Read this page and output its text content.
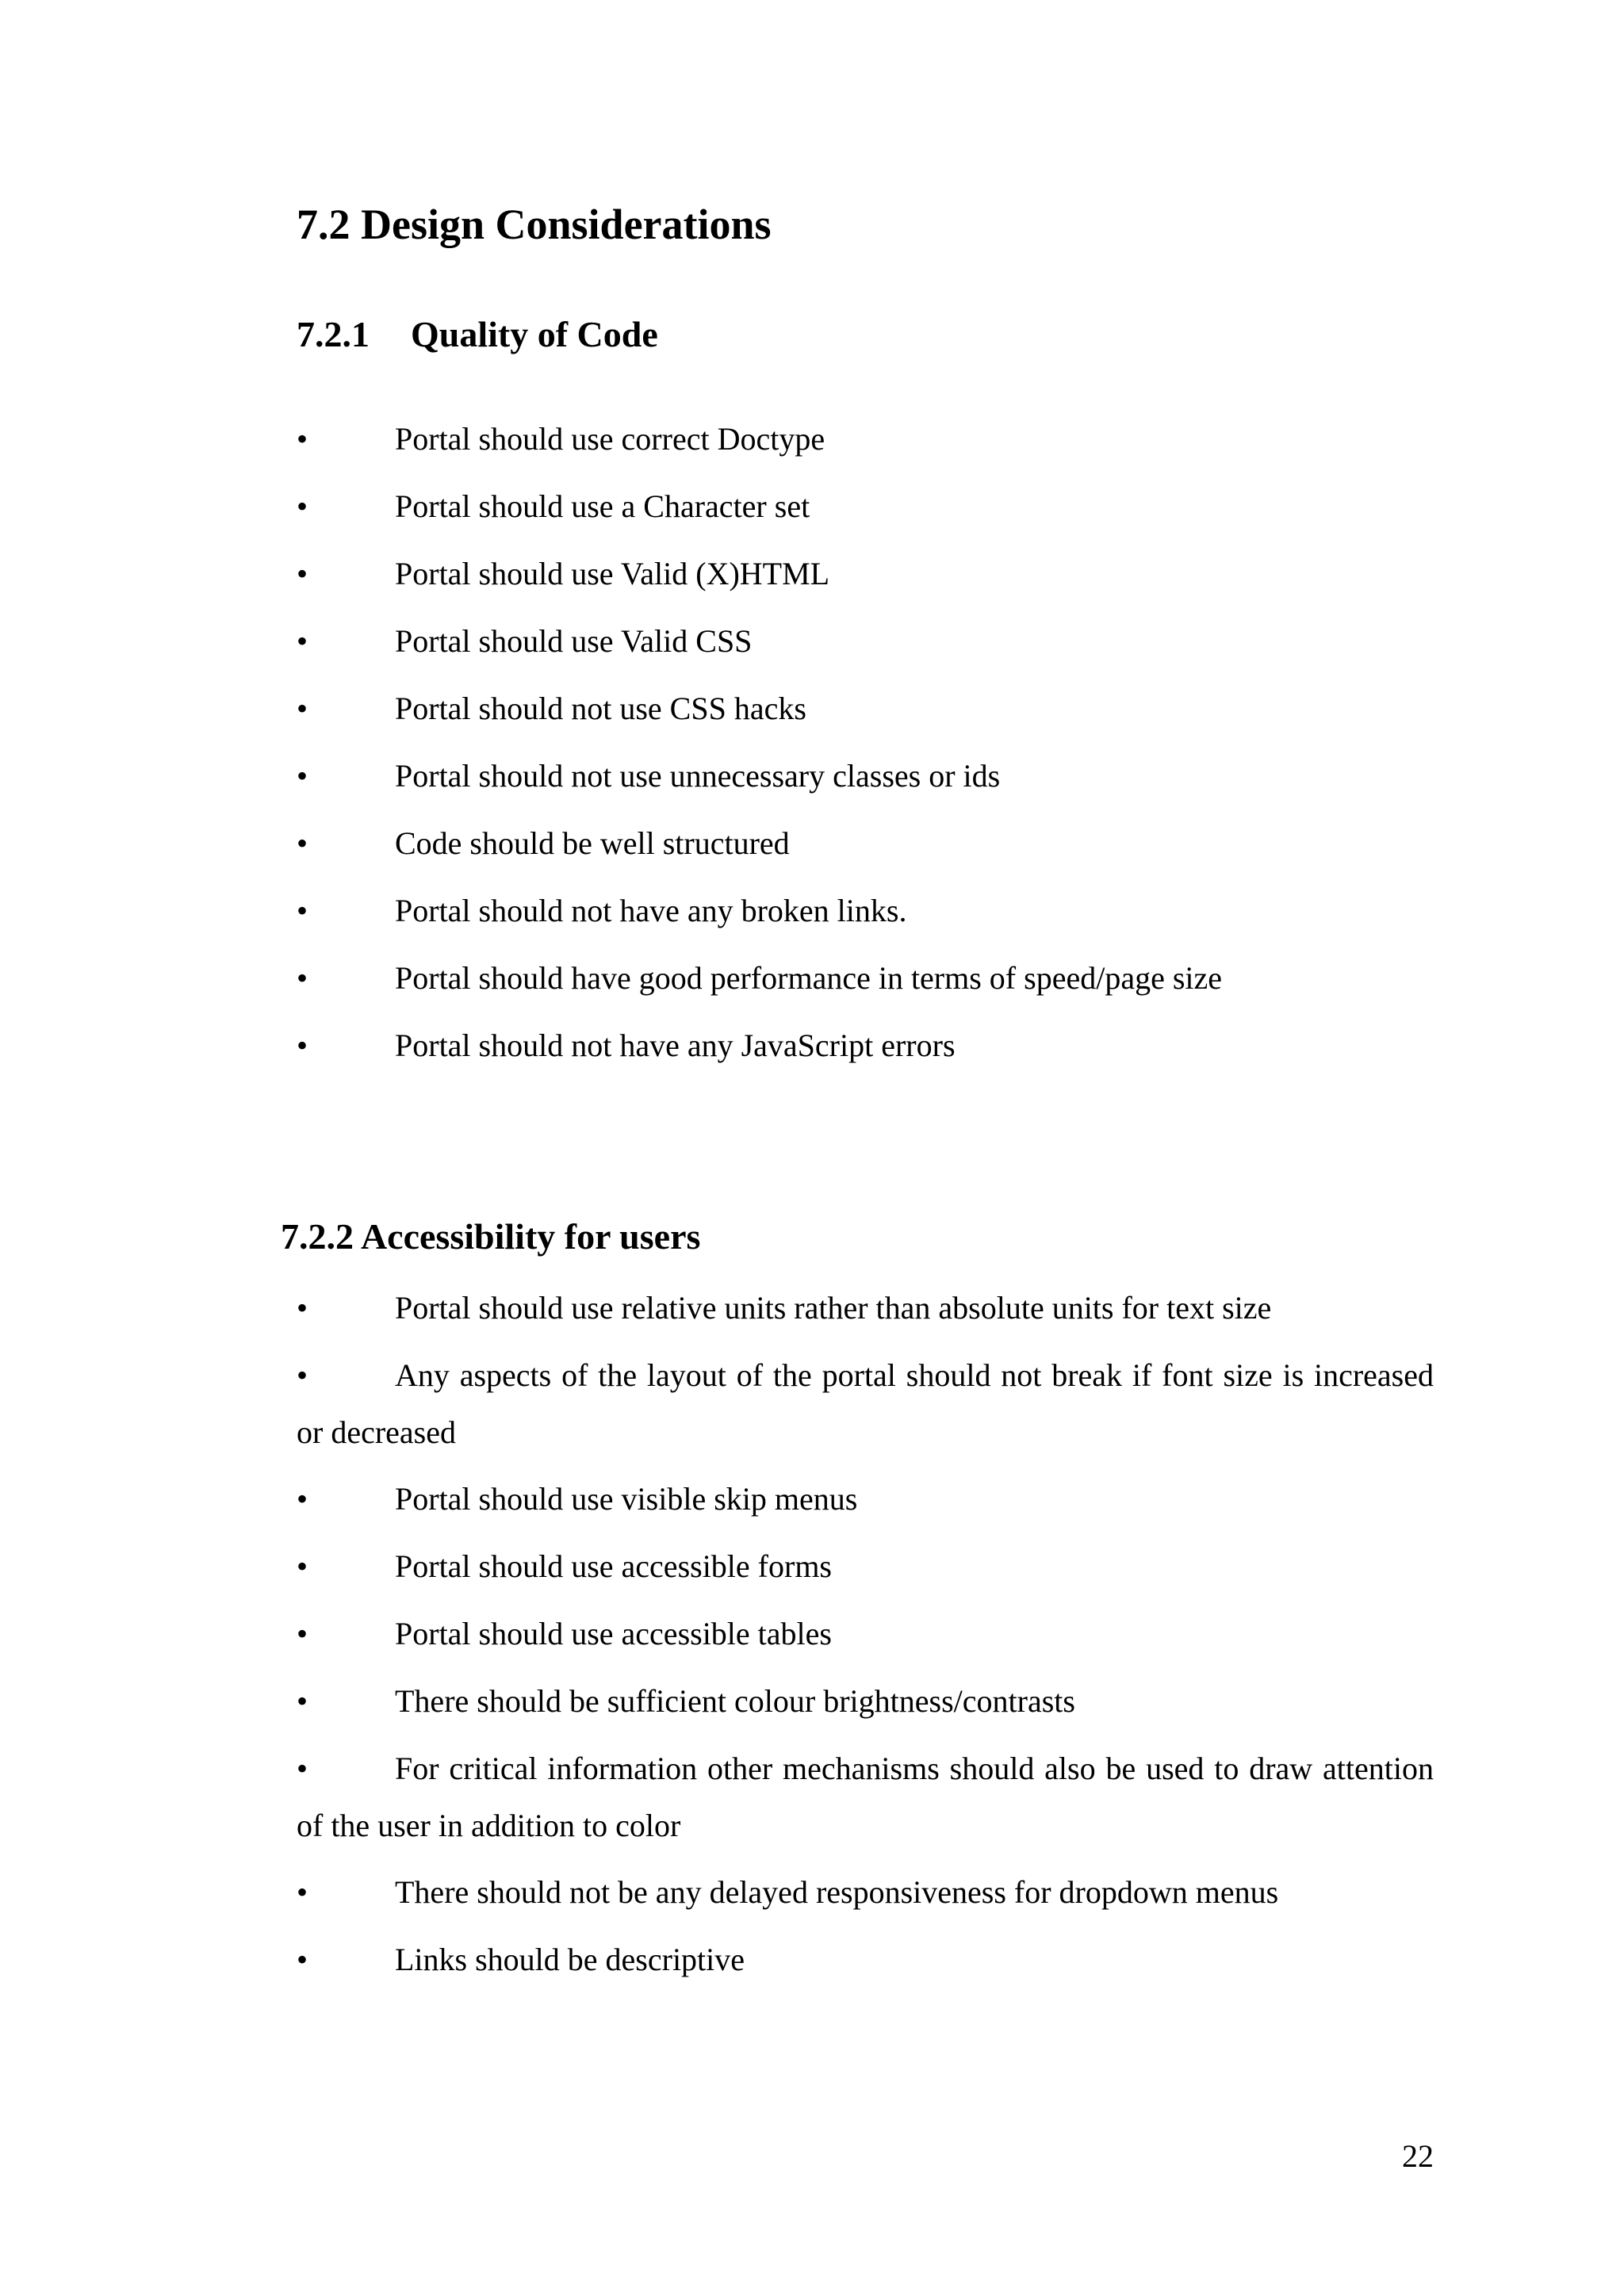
7.2 Design Considerations
7.2.1 Quality of Code
•	Portal should use correct Doctype
•	Portal should use a Character set
•	Portal should use Valid (X)HTML
•	Portal should use Valid CSS
•	Portal should not use CSS hacks
•	Portal should not use unnecessary classes or ids
•	Code should be well structured
•	Portal should not have any broken links.
•	Portal should have good performance in terms of speed/page size
•	Portal should not have any JavaScript errors
7.2.2 Accessibility for users
•	Portal should use relative units rather than absolute units for text size
•	Any aspects of the layout of the portal should not break if font size is increased or decreased
•	Portal should use visible skip menus
•	Portal should use accessible forms
•	Portal should use accessible tables
•	There should be sufficient colour brightness/contrasts
•	For critical information other mechanisms should also be used to draw attention of the user in addition to color
•	There should not be any delayed responsiveness for dropdown menus
•	Links should be descriptive

22
